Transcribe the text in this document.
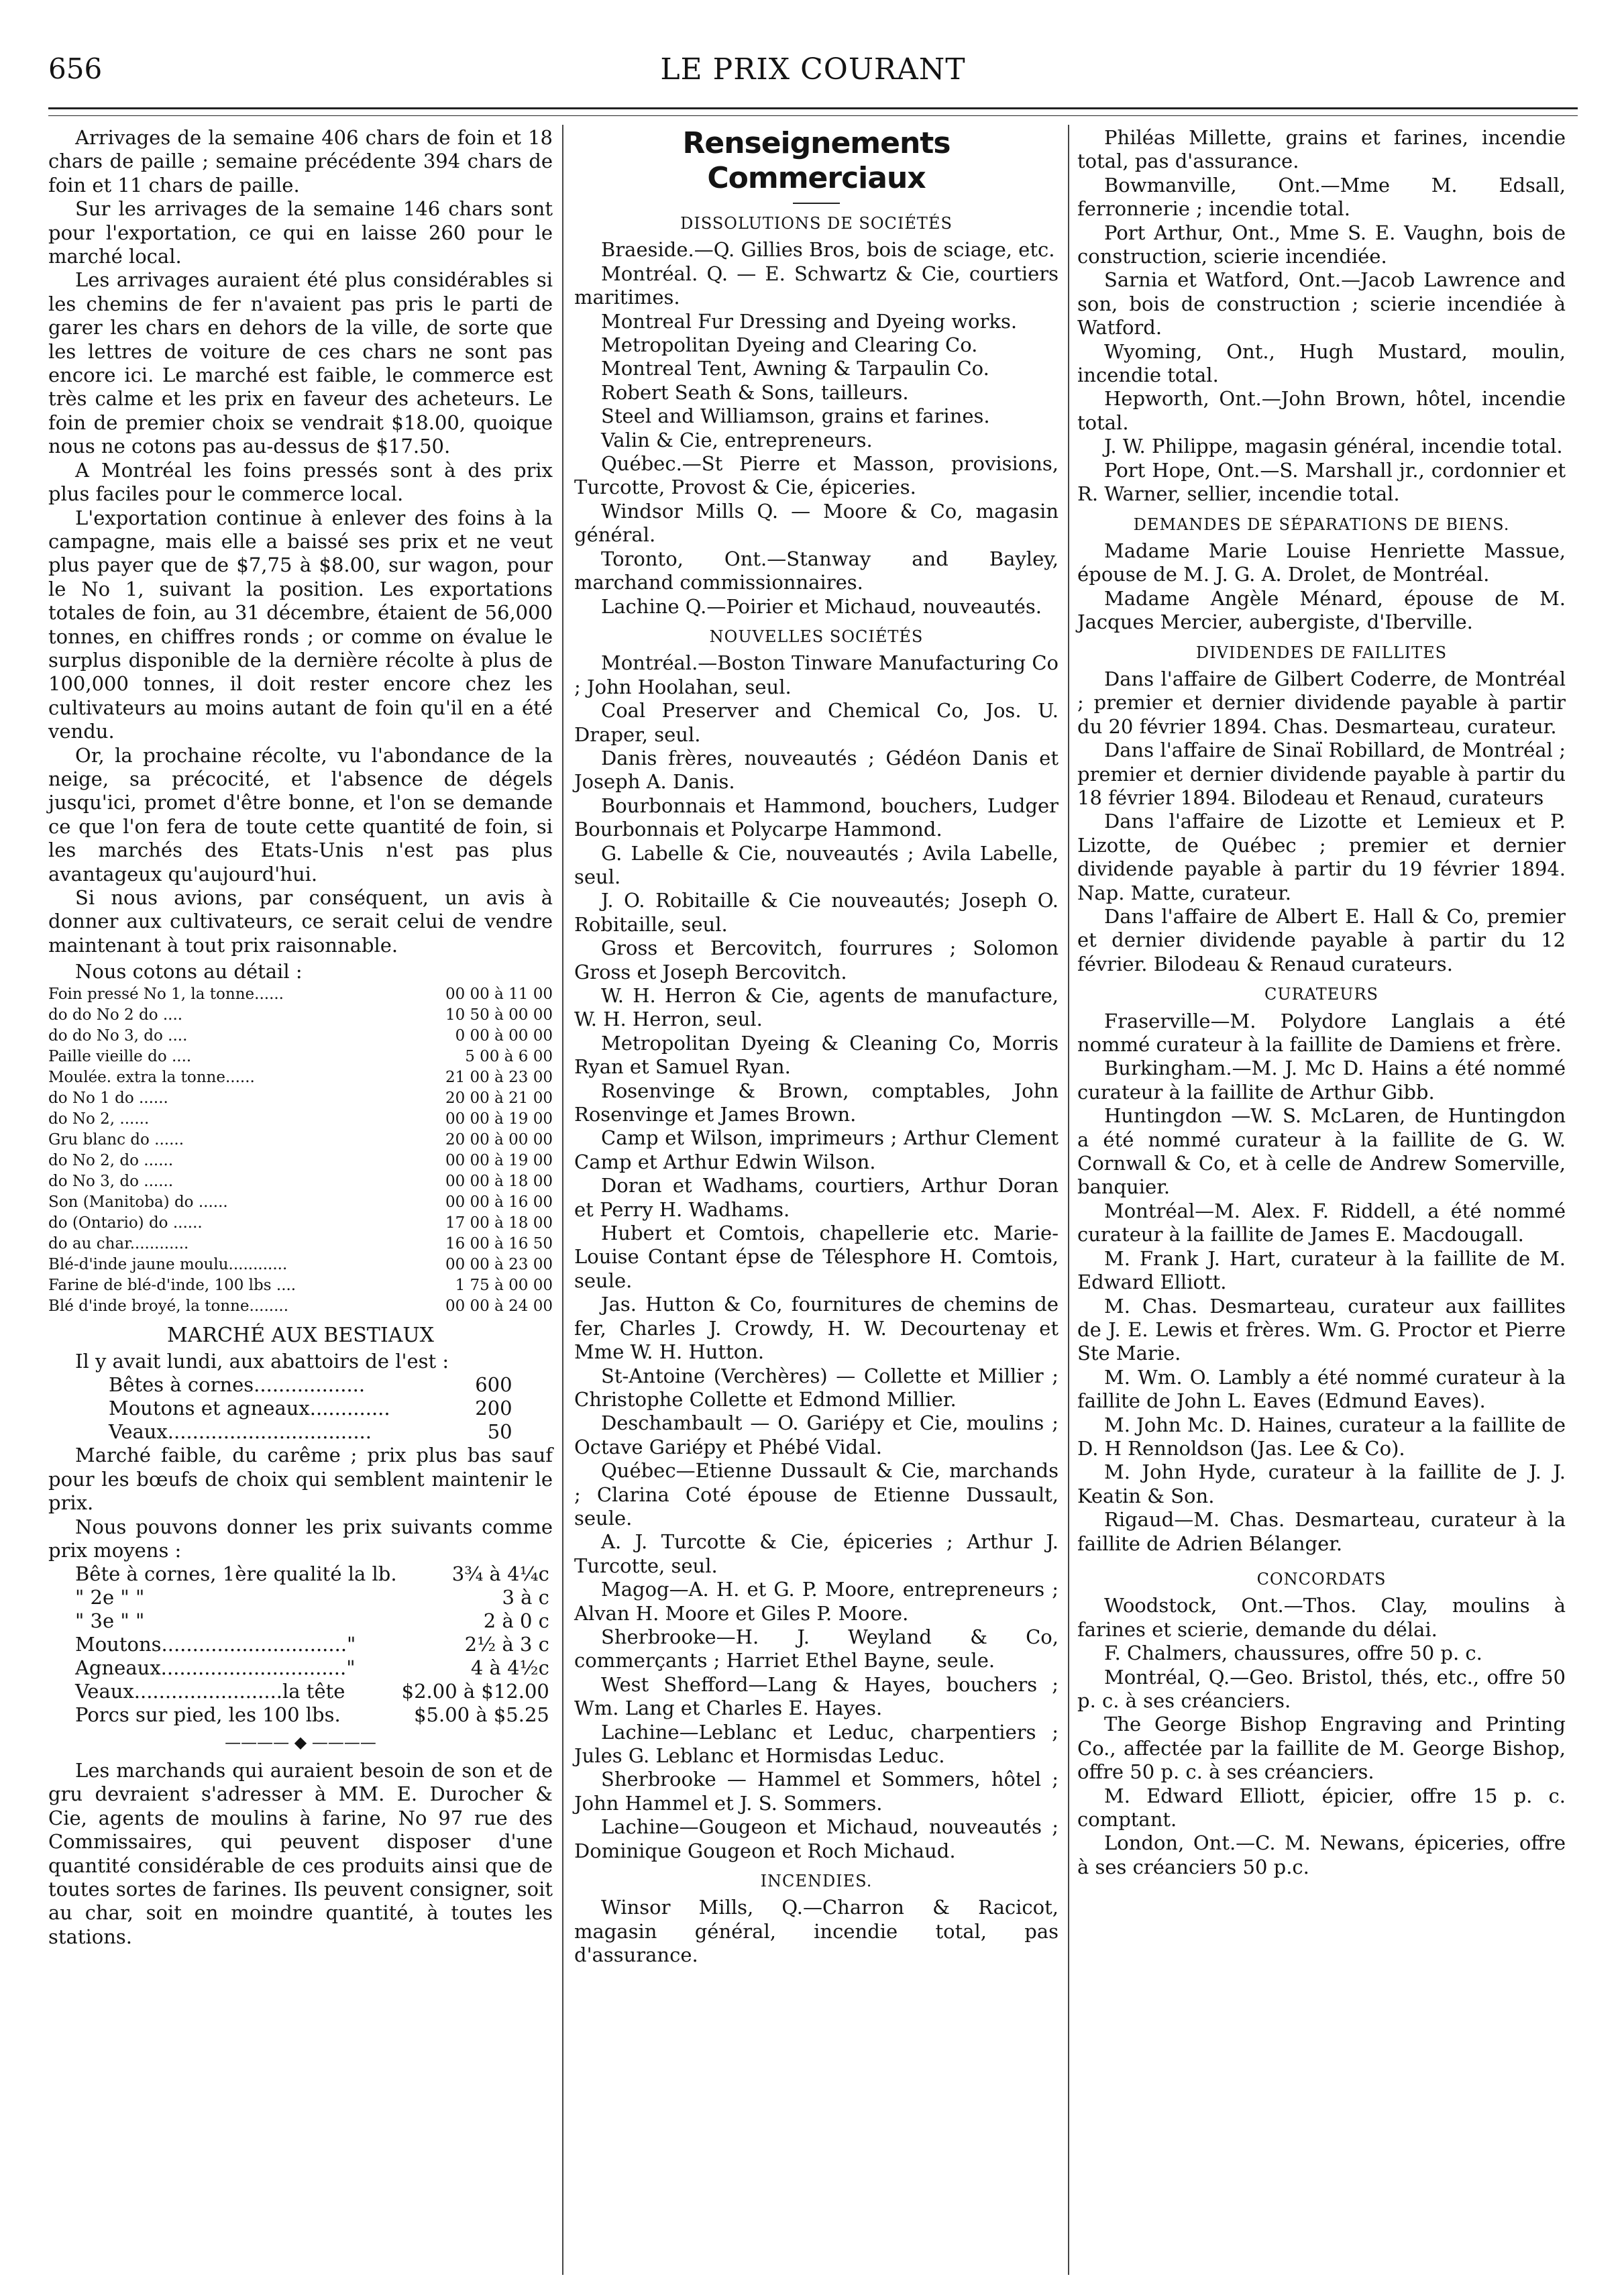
656	LE PRIX COURANT

Arrivages de la semaine 406 chars de foin et 18 chars de paille ; semaine précédente 394 chars de foin et 11 chars de paille.

Sur les arrivages de la semaine 146 chars sont pour l'exportation, ce qui en laisse 260 pour le marché local.

Les arrivages auraient été plus considérables si les chemins de fer n'avaient pas pris le parti de garer les chars en dehors de la ville, de sorte que les lettres de voiture de ces chars ne sont pas encore ici. Le marché est faible, le commerce est très calme et les prix en faveur des acheteurs. Le foin de premier choix se vendrait $18.00, quoique nous ne cotons pas au-dessus de $17.50.

A Montréal les foins pressés sont à des prix plus faciles pour le commerce local.

L'exportation continue à enlever des foins à la campagne, mais elle a baissé ses prix et ne veut plus payer que de $7,75 à $8.00, sur wagon, pour le No 1, suivant la position. Les exportations totales de foin, au 31 décembre, étaient de 56,000 tonnes, en chiffres ronds ; or comme on évalue le surplus disponible de la dernière récolte à plus de 100,000 tonnes, il doit rester encore chez les cultivateurs au moins autant de foin qu'il en a été vendu.

Or, la prochaine récolte, vu l'abondance de la neige, sa précocité, et l'absence de dégels jusqu'ici, promet d'être bonne, et l'on se demande ce que l'on fera de toute cette quantité de foin, si les marchés des Etats-Unis n'est pas plus avantageux qu'aujourd'hui.

Si nous avions, par conséquent, un avis à donner aux cultivateurs, ce serait celui de vendre maintenant à tout prix raisonnable.

Nous cotons au détail :

Foin pressé No 1, la tonne......	00 00 à 11 00
do do No 2 do ....	10 50 à 00 00
do do No 3, do ....	0 00 à 00 00
Paille vieille do ....	5 00 à 6 00
Moulée. extra la tonne......	21 00 à 23 00
do No 1 do ......	20 00 à 21 00
do No 2, ......	00 00 à 19 00
Gru blanc do ......	20 00 à 00 00
do No 2, do ......	00 00 à 19 00
do No 3, do ......	00 00 à 18 00
Son (Manitoba) do ......	00 00 à 16 00
do (Ontario) do ......	17 00 à 18 00
do au char............	16 00 à 16 50
Blé-d'inde jaune moulu............	00 00 à 23 00
Farine de blé-d'inde, 100 lbs ....	1 75 à 00 00
Blé d'inde broyé, la tonne........	00 00 à 24 00

MARCHÉ AUX BESTIAUX

Il y avait lundi, aux abattoirs de l'est :

Bêtes à cornes..................	600
Moutons et agneaux.............	200
Veaux.................................	50

Marché faible, du carême ; prix plus bas sauf pour les bœufs de choix qui semblent maintenir le prix.

Nous pouvons donner les prix suivants comme prix moyens :

Bête à cornes, 1ère qualité la lb.	3¾ à 4¼c
" 2e " "	3 à c
" 3e " "	2 à 0 c
Moutons.............................."	2½ à 3 c
Agneaux.............................."	4 à 4½c
Veaux........................la tête	$2.00 à $12.00
Porcs sur pied, les 100 lbs.	$5.00 à $5.25
———— ◆ ————

Les marchands qui auraient besoin de son et de gru devraient s'adresser à MM. E. Durocher & Cie, agents de moulins à farine, No 97 rue des Commissaires, qui peuvent disposer d'une quantité considérable de ces produits ainsi que de toutes sortes de farines. Ils peuvent consigner, soit au char, soit en moindre quantité, à toutes les stations.

Renseignements Commerciaux

DISSOLUTIONS DE SOCIÉTÉS

Braeside.—Q. Gillies Bros, bois de sciage, etc.

Montréal. Q. — E. Schwartz & Cie, courtiers maritimes.

Montreal Fur Dressing and Dyeing works.

Metropolitan Dyeing and Clearing Co.

Montreal Tent, Awning & Tarpaulin Co.

Robert Seath & Sons, tailleurs.

Steel and Williamson, grains et farines.

Valin & Cie, entrepreneurs.

Québec.—St Pierre et Masson, provisions, Turcotte, Provost & Cie, épiceries.

Windsor Mills Q. — Moore & Co, magasin général.

Toronto, Ont.—Stanway and Bayley, marchand commissionnaires.

Lachine Q.—Poirier et Michaud, nouveautés.

NOUVELLES SOCIÉTÉS

Montréal.—Boston Tinware Manufacturing Co ; John Hoolahan, seul.

Coal Preserver and Chemical Co, Jos. U. Draper, seul.

Danis frères, nouveautés ; Gédéon Danis et Joseph A. Danis.

Bourbonnais et Hammond, bouchers, Ludger Bourbonnais et Polycarpe Hammond.

G. Labelle & Cie, nouveautés ; Avila Labelle, seul.

J. O. Robitaille & Cie nouveautés; Joseph O. Robitaille, seul.

Gross et Bercovitch, fourrures ; Solomon Gross et Joseph Bercovitch.

W. H. Herron & Cie, agents de manufacture, W. H. Herron, seul.

Metropolitan Dyeing & Cleaning Co, Morris Ryan et Samuel Ryan.

Rosenvinge & Brown, comptables, John Rosenvinge et James Brown.

Camp et Wilson, imprimeurs ; Arthur Clement Camp et Arthur Edwin Wilson.

Doran et Wadhams, courtiers, Arthur Doran et Perry H. Wadhams.

Hubert et Comtois, chapellerie etc. Marie-Louise Contant épse de Télesphore H. Comtois, seule.

Jas. Hutton & Co, fournitures de chemins de fer, Charles J. Crowdy, H. W. Decourtenay et Mme W. H. Hutton.

St-Antoine (Verchères) — Collette et Millier ; Christophe Collette et Edmond Millier.

Deschambault — O. Gariépy et Cie, moulins ; Octave Gariépy et Phébé Vidal.

Québec—Etienne Dussault & Cie, marchands ; Clarina Coté épouse de Etienne Dussault, seule.

A. J. Turcotte & Cie, épiceries ; Arthur J. Turcotte, seul.

Magog—A. H. et G. P. Moore, entrepreneurs ; Alvan H. Moore et Giles P. Moore.

Sherbrooke—H. J. Weyland & Co, commerçants ; Harriet Ethel Bayne, seule.

West Shefford—Lang & Hayes, bouchers ; Wm. Lang et Charles E. Hayes.

Lachine—Leblanc et Leduc, charpentiers ; Jules G. Leblanc et Hormisdas Leduc.

Sherbrooke — Hammel et Sommers, hôtel ; John Hammel et J. S. Sommers.

Lachine—Gougeon et Michaud, nouveautés ; Dominique Gougeon et Roch Michaud.

INCENDIES.

Winsor Mills, Q.—Charron & Racicot, magasin général, incendie total, pas d'assurance.

Philéas Millette, grains et farines, incendie total, pas d'assurance.

Bowmanville, Ont.—Mme M. Edsall, ferronnerie ; incendie total.

Port Arthur, Ont., Mme S. E. Vaughn, bois de construction, scierie incendiée.

Sarnia et Watford, Ont.—Jacob Lawrence and son, bois de construction ; scierie incendiée à Watford.

Wyoming, Ont., Hugh Mustard, moulin, incendie total.

Hepworth, Ont.—John Brown, hôtel, incendie total.

J. W. Philippe, magasin général, incendie total.

Port Hope, Ont.—S. Marshall jr., cordonnier et R. Warner, sellier, incendie total.

DEMANDES DE SÉPARATIONS DE BIENS.

Madame Marie Louise Henriette Massue, épouse de M. J. G. A. Drolet, de Montréal.

Madame Angèle Ménard, épouse de M. Jacques Mercier, aubergiste, d'Iberville.

DIVIDENDES DE FAILLITES

Dans l'affaire de Gilbert Coderre, de Montréal ; premier et dernier dividende payable à partir du 20 février 1894. Chas. Desmarteau, curateur.

Dans l'affaire de Sinaï Robillard, de Montréal ; premier et dernier dividende payable à partir du 18 février 1894. Bilodeau et Renaud, curateurs

Dans l'affaire de Lizotte et Lemieux et P. Lizotte, de Québec ; premier et dernier dividende payable à partir du 19 février 1894. Nap. Matte, curateur.

Dans l'affaire de Albert E. Hall & Co, premier et dernier dividende payable à partir du 12 février. Bilodeau & Renaud curateurs.

CURATEURS

Fraserville—M. Polydore Langlais a été nommé curateur à la faillite de Damiens et frère.

Burkingham.—M. J. Mc D. Hains a été nommé curateur à la faillite de Arthur Gibb.

Huntingdon —W. S. McLaren, de Huntingdon a été nommé curateur à la faillite de G. W. Cornwall & Co, et à celle de Andrew Somerville, banquier.

Montréal—M. Alex. F. Riddell, a été nommé curateur à la faillite de James E. Macdougall.

M. Frank J. Hart, curateur à la faillite de M. Edward Elliott.

M. Chas. Desmarteau, curateur aux faillites de J. E. Lewis et frères. Wm. G. Proctor et Pierre Ste Marie.

M. Wm. O. Lambly a été nommé curateur à la faillite de John L. Eaves (Edmund Eaves).

M. John Mc. D. Haines, curateur a la faillite de D. H Rennoldson (Jas. Lee & Co).

M. John Hyde, curateur à la faillite de J. J. Keatin & Son.

Rigaud—M. Chas. Desmarteau, curateur à la faillite de Adrien Bélanger.

CONCORDATS

Woodstock, Ont.—Thos. Clay, moulins à farines et scierie, demande du délai.

F. Chalmers, chaussures, offre 50 p. c.

Montréal, Q.—Geo. Bristol, thés, etc., offre 50 p. c. à ses créanciers.

The George Bishop Engraving and Printing Co., affectée par la faillite de M. George Bishop, offre 50 p. c. à ses créanciers.

M. Edward Elliott, épicier, offre 15 p. c. comptant.

London, Ont.—C. M. Newans, épiceries, offre à ses créanciers 50 p.c.
